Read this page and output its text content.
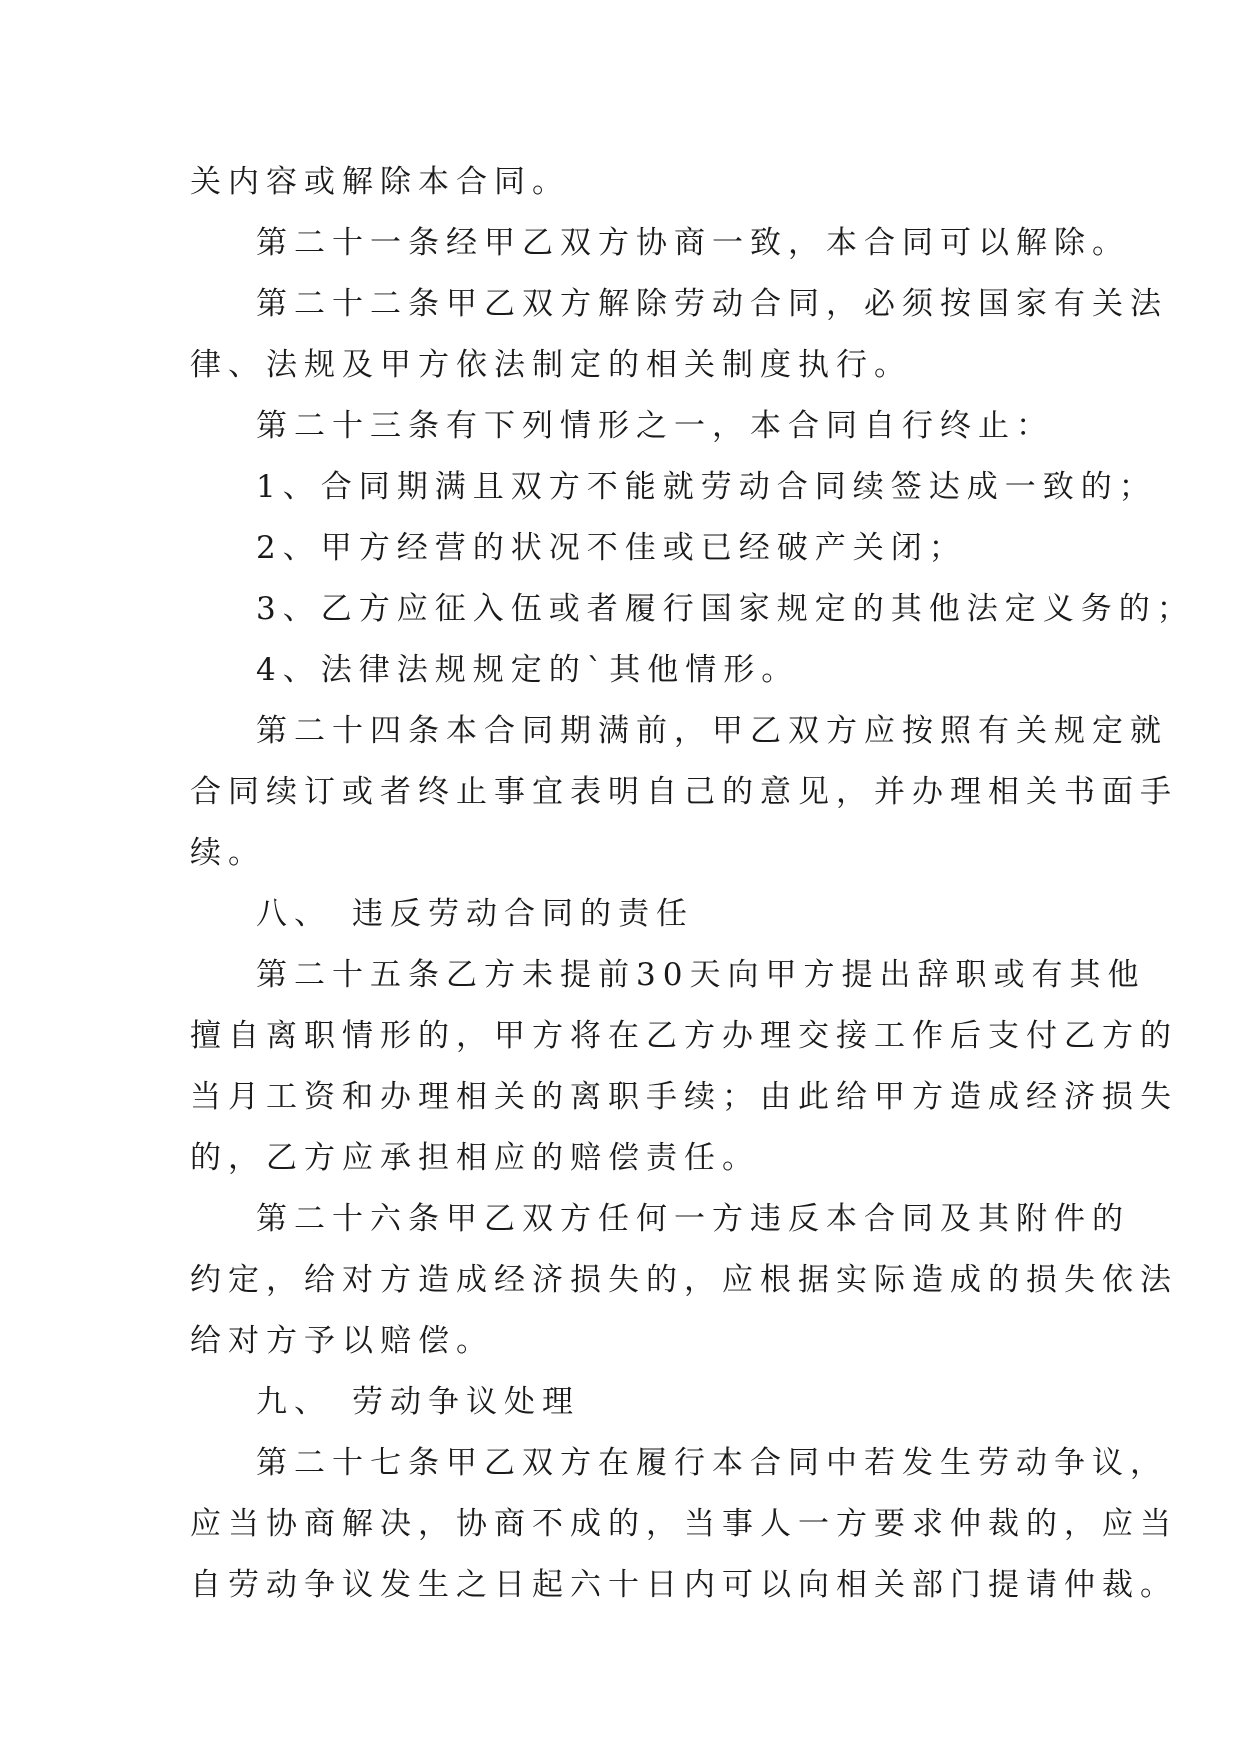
关内容或解除本合同。
第二十一条经甲乙双方协商一致，本合同可以解除。
第二十二条甲乙双方解除劳动合同，必须按国家有关法
律、法规及甲方依法制定的相关制度执行。
第二十三条有下列情形之一，本合同自行终止：
1、合同期满且双方不能就劳动合同续签达成一致的；
2、甲方经营的状况不佳或已经破产关闭；
3、乙方应征入伍或者履行国家规定的其他法定义务的；
4、法律法规规定的`其他情形。
第二十四条本合同期满前，甲乙双方应按照有关规定就
合同续订或者终止事宜表明自己的意见，并办理相关书面手
续。
八、 违反劳动合同的责任
第二十五条乙方未提前30天向甲方提出辞职或有其他
擅自离职情形的，甲方将在乙方办理交接工作后支付乙方的
当月工资和办理相关的离职手续；由此给甲方造成经济损失
的，乙方应承担相应的赔偿责任。
第二十六条甲乙双方任何一方违反本合同及其附件的
约定，给对方造成经济损失的，应根据实际造成的损失依法
给对方予以赔偿。
九、 劳动争议处理
第二十七条甲乙双方在履行本合同中若发生劳动争议，
应当协商解决，协商不成的，当事人一方要求仲裁的，应当
自劳动争议发生之日起六十日内可以向相关部门提请仲裁。
